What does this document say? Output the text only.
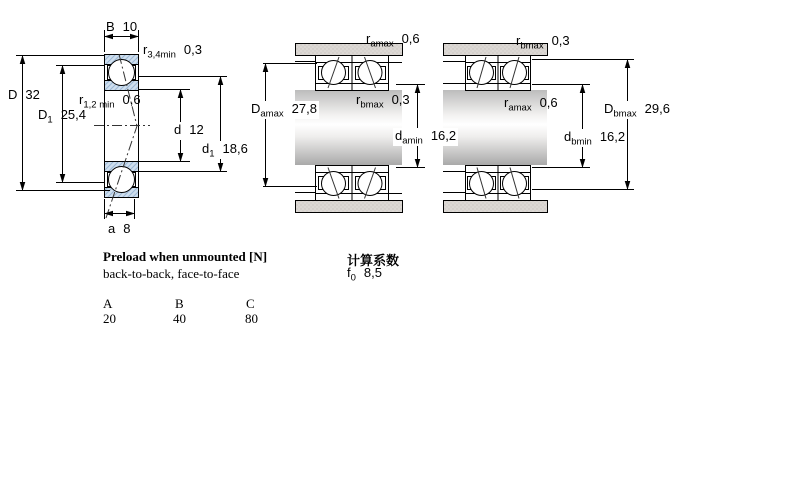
B 10
$r_{3,4min}$ 0,3
D 32
$D_1$ 25,4
$r_{1,2 min}$ 0,6
d 12
$d_1$ 18,6
a 8
$r_{amax}$ 0,6
$r_{bmax}$ 0,3
$D_{amax}$ 27,8
$d_{amin}$ 16,2
$r_{bmax}$ 0,3
$r_{amax}$ 0,6	$D_{bmax}$ 29,6
$d_{bmin}$ 16,2
Preload when unmounted [N]
back-to-back, face-to-face
A	B	C
20	40	80
计算系数
$f_0$ 8,5
